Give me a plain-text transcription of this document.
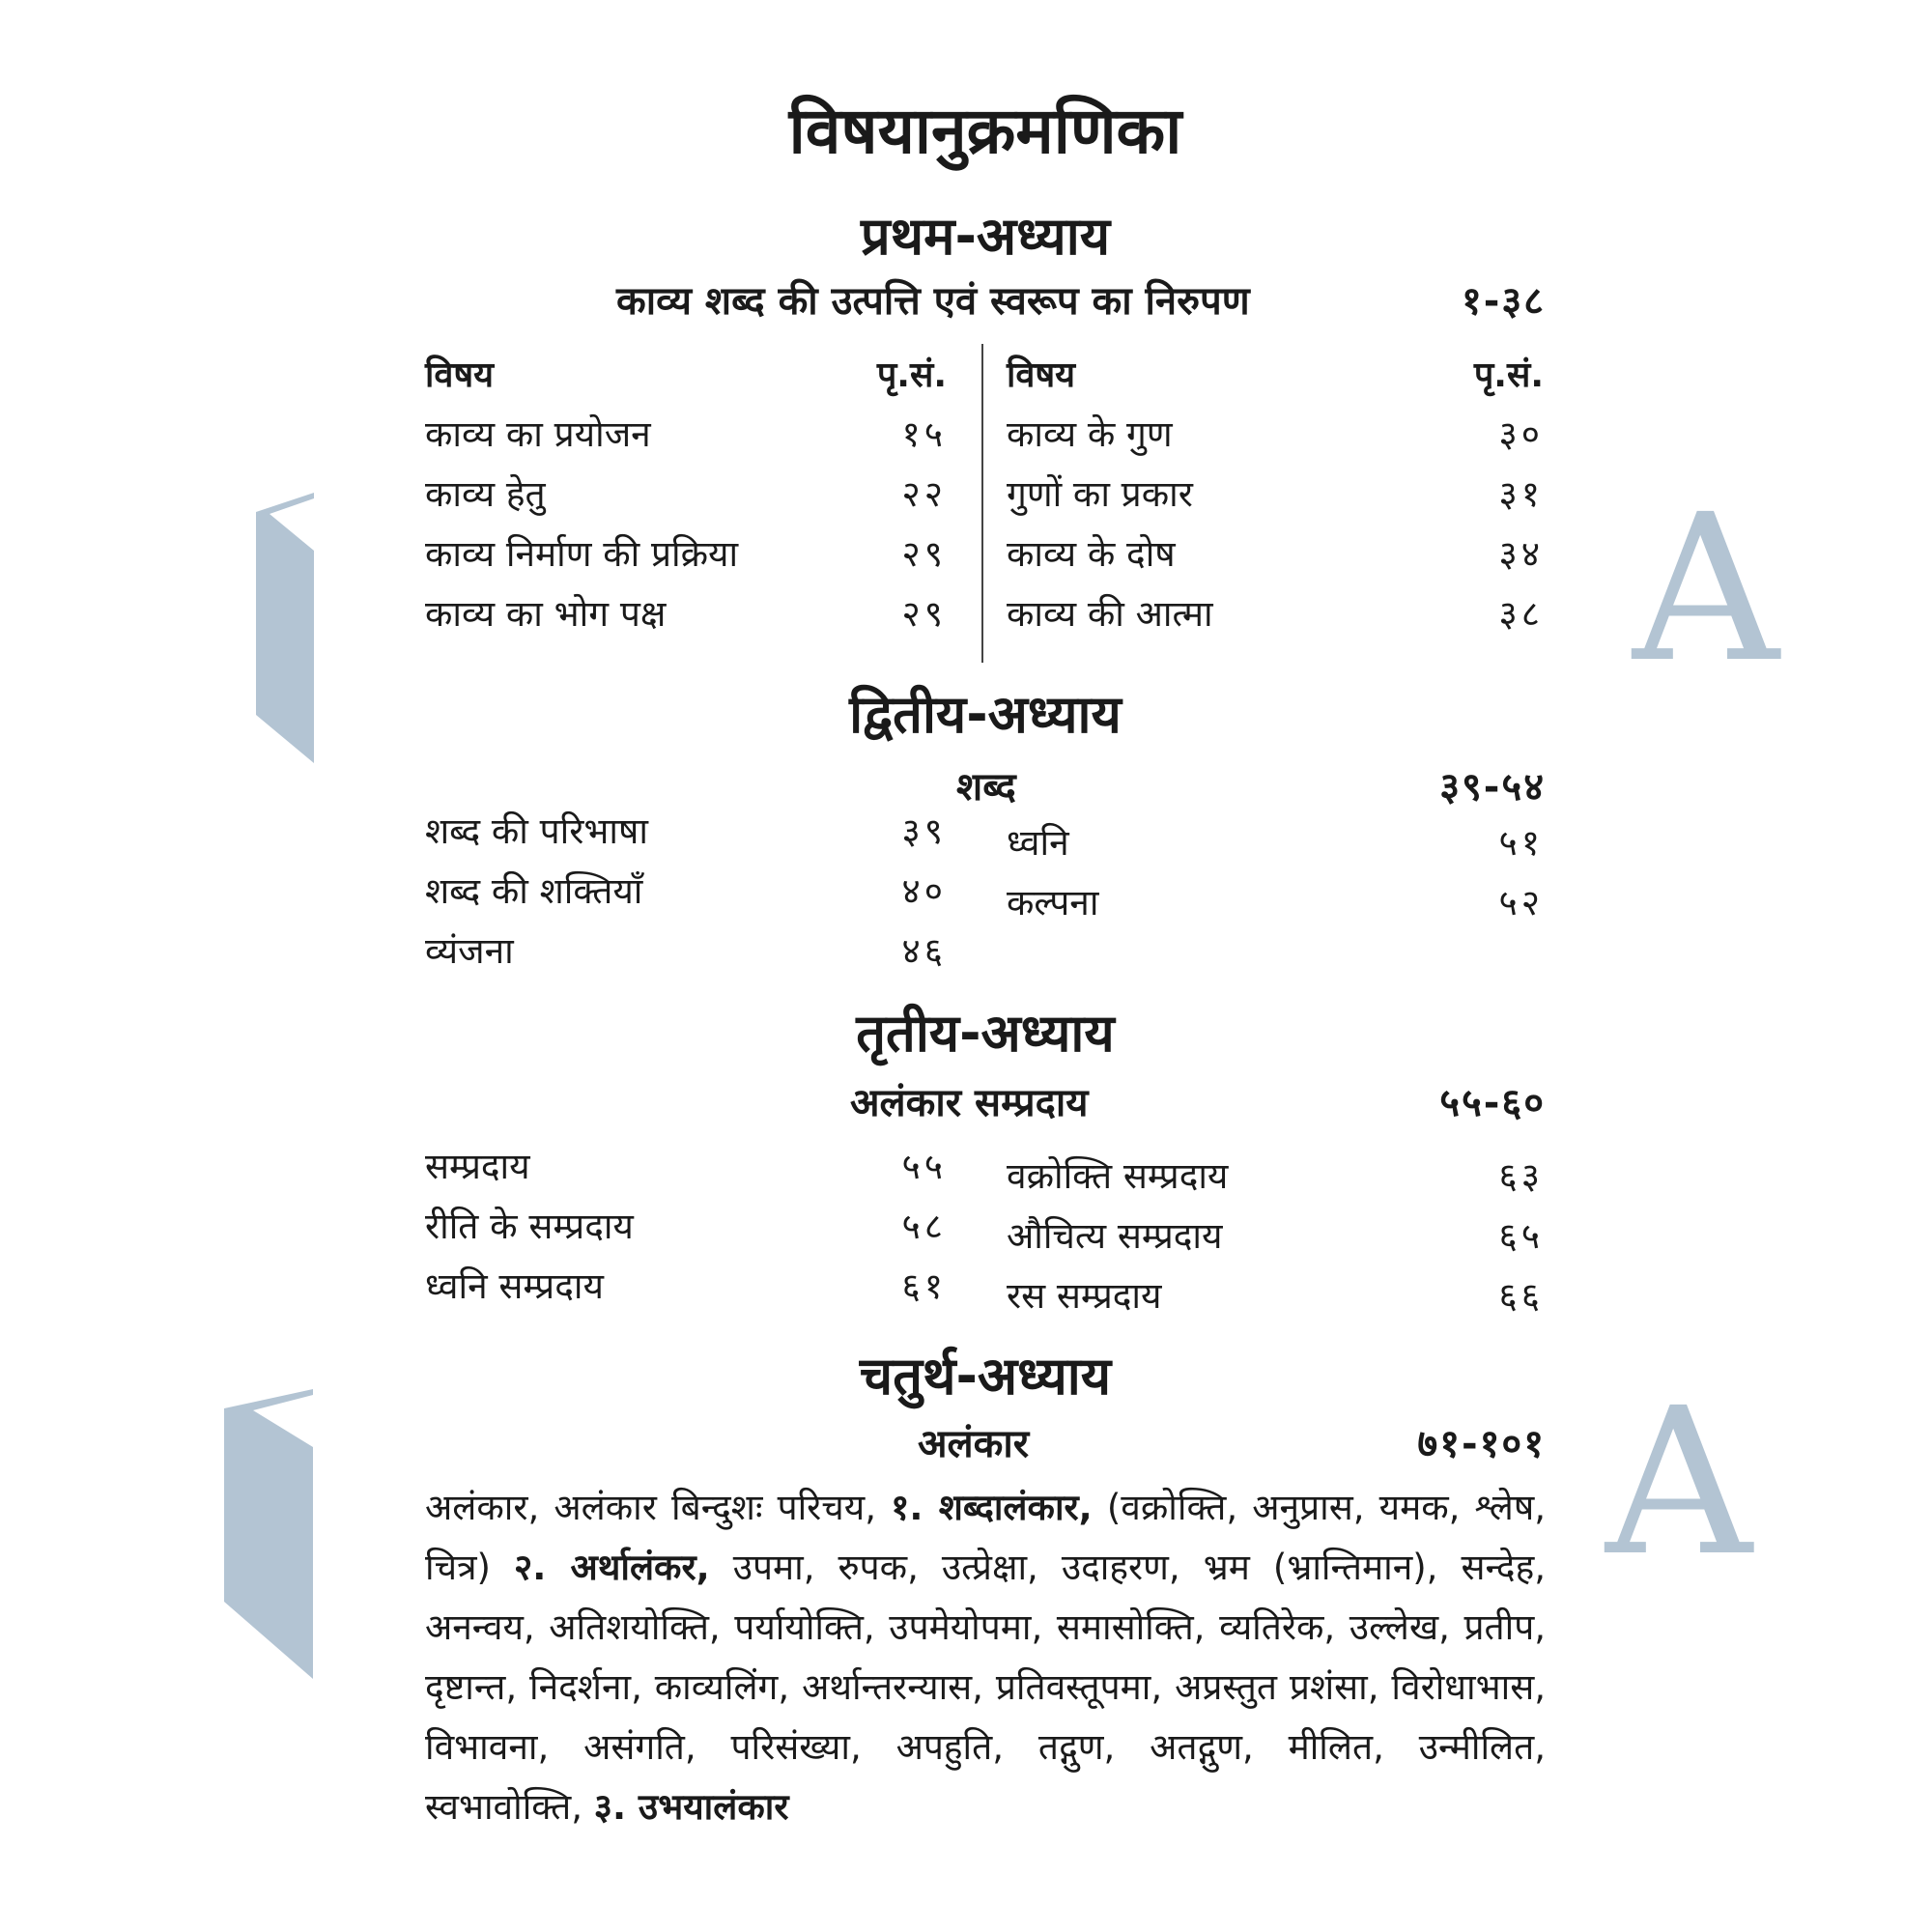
A
A
विषयानुक्रमणिका
प्रथम-अध्याय
काव्य शब्द की उत्पत्ति एवं स्वरूप का निरुपण	१-३८
विषय	पृ.सं.
काव्य का प्रयोजन	१५
काव्य हेतु	२२
काव्य निर्माण की प्रक्रिया	२९
काव्य का भोग पक्ष	२९
विषय	पृ.सं.
काव्य के गुण	३०
गुणों का प्रकार	३१
काव्य के दोष	३४
काव्य की आत्मा	३८
द्वितीय-अध्याय
शब्द	३९-५४
शब्द की परिभाषा	३९
शब्द की शक्तियाँ	४०
व्यंजना	४६
ध्वनि	५१
कल्पना	५२
तृतीय-अध्याय
अलंकार सम्प्रदाय	५५-६०
सम्प्रदाय	५५
रीति के सम्प्रदाय	५८
ध्वनि सम्प्रदाय	६१
वक्रोक्ति सम्प्रदाय	६३
औचित्य सम्प्रदाय	६५
रस सम्प्रदाय	६६
चतुर्थ-अध्याय
अलंकार	७१-१०१

अलंकार, अलंकार बिन्दुशः परिचय, १. शब्दालंकार, (वक्रोक्ति, अनुप्रास, यमक, श्लेष, चित्र) २. अर्थालंकर, उपमा, रुपक, उत्प्रेक्षा, उदाहरण, भ्रम (भ्रान्तिमान), सन्देह, अनन्वय, अतिशयोक्ति, पर्यायोक्ति, उपमेयोपमा, समासोक्ति, व्यतिरेक, उल्लेख, प्रतीप, दृष्टान्त, निदर्शना, काव्यलिंग, अर्थान्तरन्यास, प्रतिवस्तूपमा, अप्रस्तुत प्रशंसा, विरोधाभास, विभावना, असंगति, परिसंख्या, अपहुति, तद्गुण, अतद्गुण, मीलित, उन्मीलित, स्वभावोक्ति, ३. उभयालंकार
